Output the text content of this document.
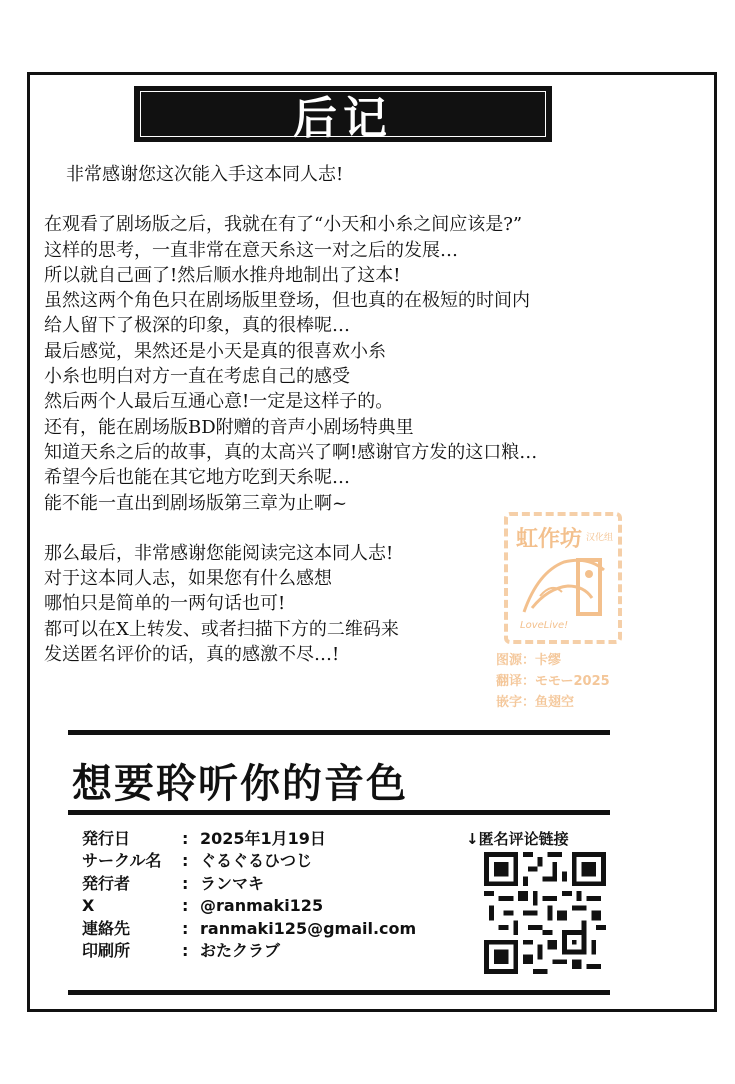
后记
非常感谢您这次能入手这本同人志!
在观看了剧场版之后，我就在有了“小天和小糸之间应该是?”
这样的思考，一直非常在意天糸这一对之后的发展…
所以就自己画了!然后顺水推舟地制出了这本!
虽然这两个角色只在剧场版里登场，但也真的在极短的时间内
给人留下了极深的印象，真的很棒呢…
最后感觉，果然还是小天是真的很喜欢小糸
小糸也明白对方一直在考虑自己的感受
然后两个人最后互通心意!一定是这样子的。
还有，能在剧场版BD附赠的音声小剧场特典里
知道天糸之后的故事，真的太高兴了啊!感谢官方发的这口粮…
希望今后也能在其它地方吃到天糸呢…
能不能一直出到剧场版第三章为止啊~
那么最后，非常感谢您能阅读完这本同人志!
对于这本同人志，如果您有什么感想
哪怕只是简单的一两句话也可!
都可以在X上转发、或者扫描下方的二维码来
发送匿名评价的话，真的感激不尽…!
虹作坊 汉化组
LoveLive!
图源：卡缪
翻译：モモー2025
嵌字：鱼翅空
想要聆听你的音色
発行日	: 2025年1月19日
サークル名	: ぐるぐるひつじ
発行者	: ランマキ
X	: @ranmaki125
連絡先	: ranmaki125@gmail.com
印刷所	: おたクラブ
↓匿名评论链接
